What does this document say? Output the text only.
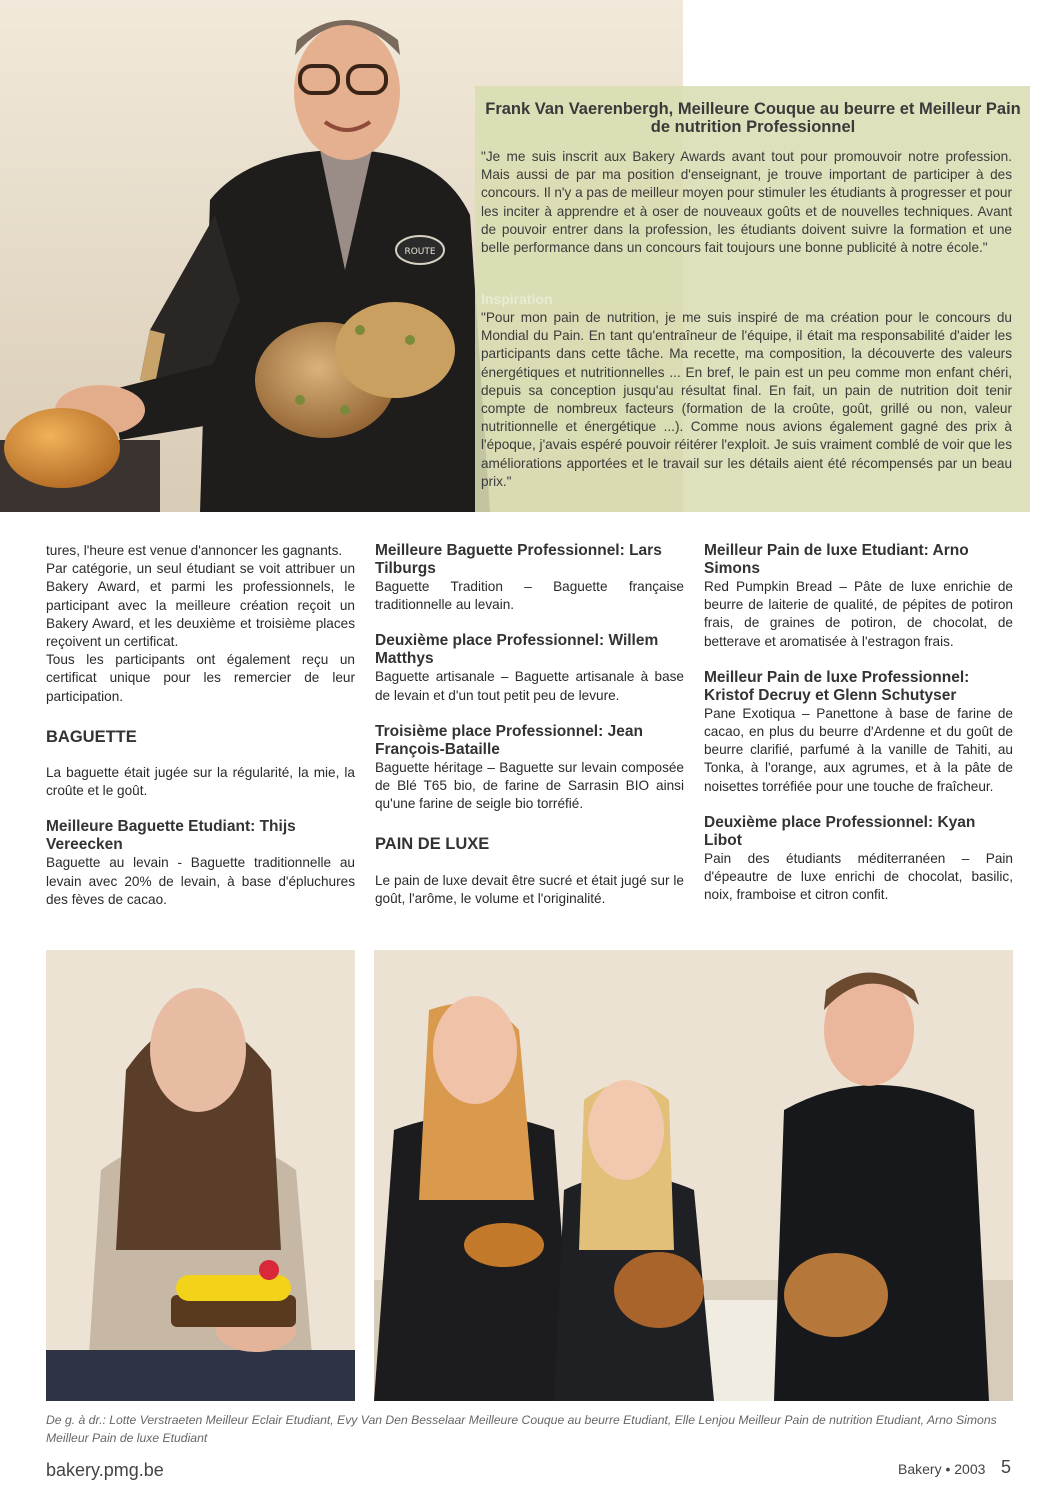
ROUTE
Frank Van Vaerenbergh, Meilleure Couque au beurre et Meilleur Pain de nutrition Professionnel

"Je me suis inscrit aux Bakery Awards avant tout pour promouvoir notre profession. Mais aussi de par ma position d'enseignant, je trouve important de participer à des concours. Il n'y a pas de meilleur moyen pour stimuler les étudiants à progresser et pour les inciter à apprendre et à oser de nouveaux goûts et de nouvelles techniques. Avant de pouvoir entrer dans la profession, les étudiants doivent suivre la formation et une belle performance dans un concours fait toujours une bonne publicité à notre école."

Inspiration

"Pour mon pain de nutrition, je me suis inspiré de ma création pour le concours du Mondial du Pain. En tant qu'entraîneur de l'équipe, il était ma responsabilité d'aider les participants dans cette tâche. Ma recette, ma composition, la découverte des valeurs énergétiques et nutritionnelles ... En bref, le pain est un peu comme mon enfant chéri, depuis sa conception jusqu'au résultat final. En fait, un pain de nutrition doit tenir compte de nombreux facteurs (formation de la croûte, goût, grillé ou non, valeur nutritionnelle et énergétique ...). Comme nous avions également gagné des prix à l'époque, j'avais espéré pouvoir réitérer l'exploit. Je suis vraiment comblé de voir que les améliorations apportées et le travail sur les détails aient été récompensés par un beau prix."

tures, l'heure est venue d'annoncer les gagnants.

Par catégorie, un seul étudiant se voit attribuer un Bakery Award, et parmi les professionnels, le participant avec la meilleure création reçoit un Bakery Award, et les deuxième et troisième places reçoivent un certificat.

Tous les participants ont également reçu un certificat unique pour les remercier de leur participation.

BAGUETTE

La baguette était jugée sur la régularité, la mie, la croûte et le goût.

Meilleure Baguette Etudiant: Thijs Vereecken

Baguette au levain - Baguette traditionnelle au levain avec 20% de levain, à base d'épluchures des fèves de cacao.

Meilleure Baguette Professionnel: Lars Tilburgs

Baguette Tradition – Baguette française traditionnelle au levain.

Deuxième place Professionnel: Willem Matthys

Baguette artisanale – Baguette artisanale à base de levain et d'un tout petit peu de levure.

Troisième place Professionnel: Jean François-Bataille

Baguette héritage – Baguette sur levain composée de Blé T65 bio, de farine de Sarrasin BIO ainsi qu'une farine de seigle bio torréfié.

PAIN DE LUXE

Le pain de luxe devait être sucré et était jugé sur le goût, l'arôme, le volume et l'originalité.

Meilleur Pain de luxe Etudiant: Arno Simons

Red Pumpkin Bread – Pâte de luxe enrichie de beurre de laiterie de qualité, de pépites de potiron frais, de graines de potiron, de chocolat, de betterave et aromatisée à l'estragon frais.

Meilleur Pain de luxe Professionnel: Kristof Decruy et Glenn Schutyser

Pane Exotiqua – Panettone à base de farine de cacao, en plus du beurre d'Ardenne et du goût de beurre clarifié, parfumé à la vanille de Tahiti, au Tonka, à l'orange, aux agrumes, et à la pâte de noisettes torréfiée pour une touche de fraîcheur.

Deuxième place Professionnel: Kyan Libot

Pain des étudiants méditerranéen – Pain d'épeautre de luxe enrichi de chocolat, basilic, noix, framboise et citron confit.

De g. à dr.: Lotte Verstraeten Meilleur Eclair Etudiant, Evy Van Den Besselaar Meilleure Couque au beurre Etudiant, Elle Lenjou Meilleur Pain de nutrition Etudiant, Arno Simons Meilleur Pain de luxe Etudiant
bakery.pmg.be	Bakery • 2003 5
